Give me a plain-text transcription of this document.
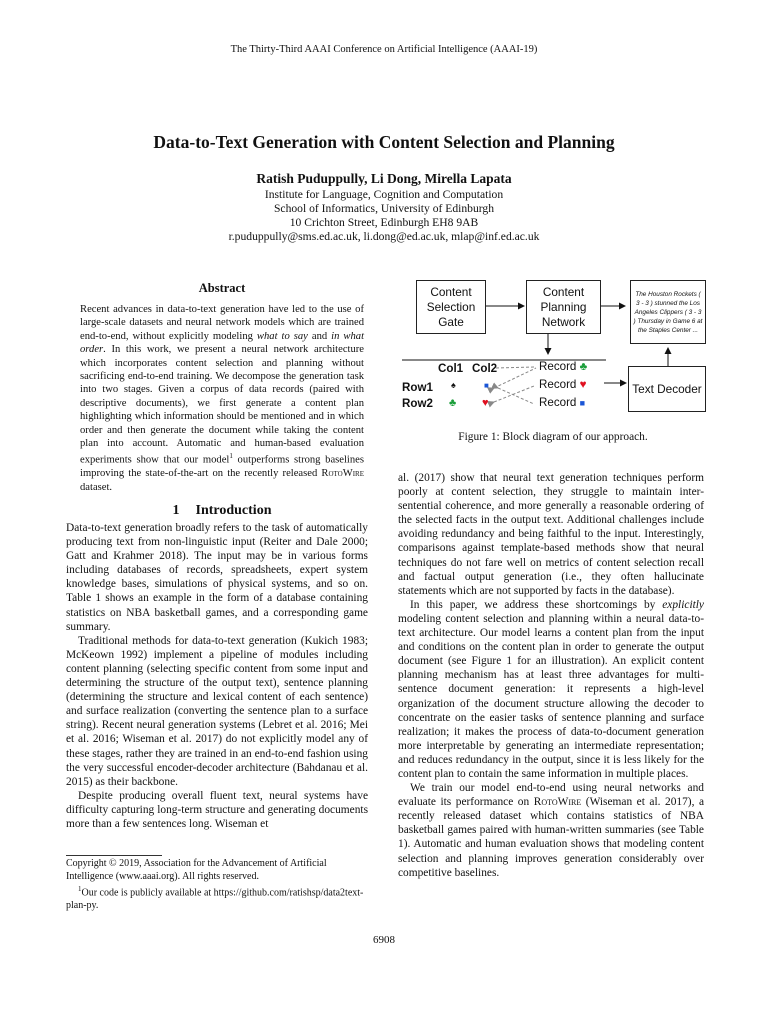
The Thirty-Third AAAI Conference on Artificial Intelligence (AAAI-19)
Data-to-Text Generation with Content Selection and Planning
Ratish Puduppully, Li Dong, Mirella Lapata
Institute for Language, Cognition and Computation
School of Informatics, University of Edinburgh
10 Crichton Street, Edinburgh EH8 9AB
r.puduppully@sms.ed.ac.uk, li.dong@ed.ac.uk, mlap@inf.ed.ac.uk
Abstract
Recent advances in data-to-text generation have led to the use of large-scale datasets and neural network models which are trained end-to-end, without explicitly modeling what to say and in what order. In this work, we present a neural network architecture which incorporates content selection and planning without sacrificing end-to-end training. We decompose the generation task into two stages. Given a corpus of data records (paired with descriptive documents), we first generate a content plan highlighting which information should be mentioned and in which order and then generate the document while taking the content plan into account. Automatic and human-based evaluation experiments show that our model$^1$ outperforms strong baselines improving the state-of-the-art on the recently released RotoWire dataset.
1 Introduction

Data-to-text generation broadly refers to the task of automatically producing text from non-linguistic input (Reiter and Dale 2000; Gatt and Krahmer 2018). The input may be in various forms including databases of records, spreadsheets, expert system knowledge bases, simulations of physical systems, and so on. Table 1 shows an example in the form of a database containing statistics on NBA basketball games, and a corresponding game summary.

Traditional methods for data-to-text generation (Kukich 1983; McKeown 1992) implement a pipeline of modules including content planning (selecting specific content from some input and determining the structure of the output text), sentence planning (determining the structure and lexical content of each sentence) and surface realization (converting the sentence plan to a surface string). Recent neural generation systems (Lebret et al. 2016; Mei et al. 2016; Wiseman et al. 2017) do not explicitly model any of these stages, rather they are trained in an end-to-end fashion using the very successful encoder-decoder architecture (Bahdanau et al. 2015) as their backbone.

Despite producing overall fluent text, neural systems have difficulty capturing long-term structure and generating documents more than a few sentences long. Wiseman et

Copyright © 2019, Association for the Advancement of Artificial Intelligence (www.aaai.org). All rights reserved.

$^1$Our code is publicly available at https://github.com/ratishsp/data2text-plan-py.

Content Selection Gate
Content Planning Network
The Houston Rockets ( 3 - 3 ) stunned the Los Angeles Clippers ( 3 - 3 ) Thursday in Game 6 at the Staples Center ...
Text Decoder
Col1 Col2
Row1
Row2
♠	■
♣ ♥
Record ♣
Record ♥
Record ■
Figure 1: Block diagram of our approach.

al. (2017) show that neural text generation techniques perform poorly at content selection, they struggle to maintain inter-sentential coherence, and more generally a reasonable ordering of the selected facts in the output text. Additional challenges include avoiding redundancy and being faithful to the input. Interestingly, comparisons against template-based methods show that neural techniques do not fare well on metrics of content selection recall and factual output generation (i.e., they often hallucinate statements which are not supported by facts in the database).

In this paper, we address these shortcomings by explicitly modeling content selection and planning within a neural data-to-text architecture. Our model learns a content plan from the input and conditions on the content plan in order to generate the output document (see Figure 1 for an illustration). An explicit content planning mechanism has at least three advantages for multi-sentence document generation: it represents a high-level organization of the document structure allowing the decoder to concentrate on the easier tasks of sentence planning and surface realization; it makes the process of data-to-document generation more interpretable by generating an intermediate representation; and reduces redundancy in the output, since it is less likely for the content plan to contain the same information in multiple places.

We train our model end-to-end using neural networks and evaluate its performance on RotoWire (Wiseman et al. 2017), a recently released dataset which contains statistics of NBA basketball games paired with human-written summaries (see Table 1). Automatic and human evaluation shows that modeling content selection and planning improves generation considerably over competitive baselines.

6908
